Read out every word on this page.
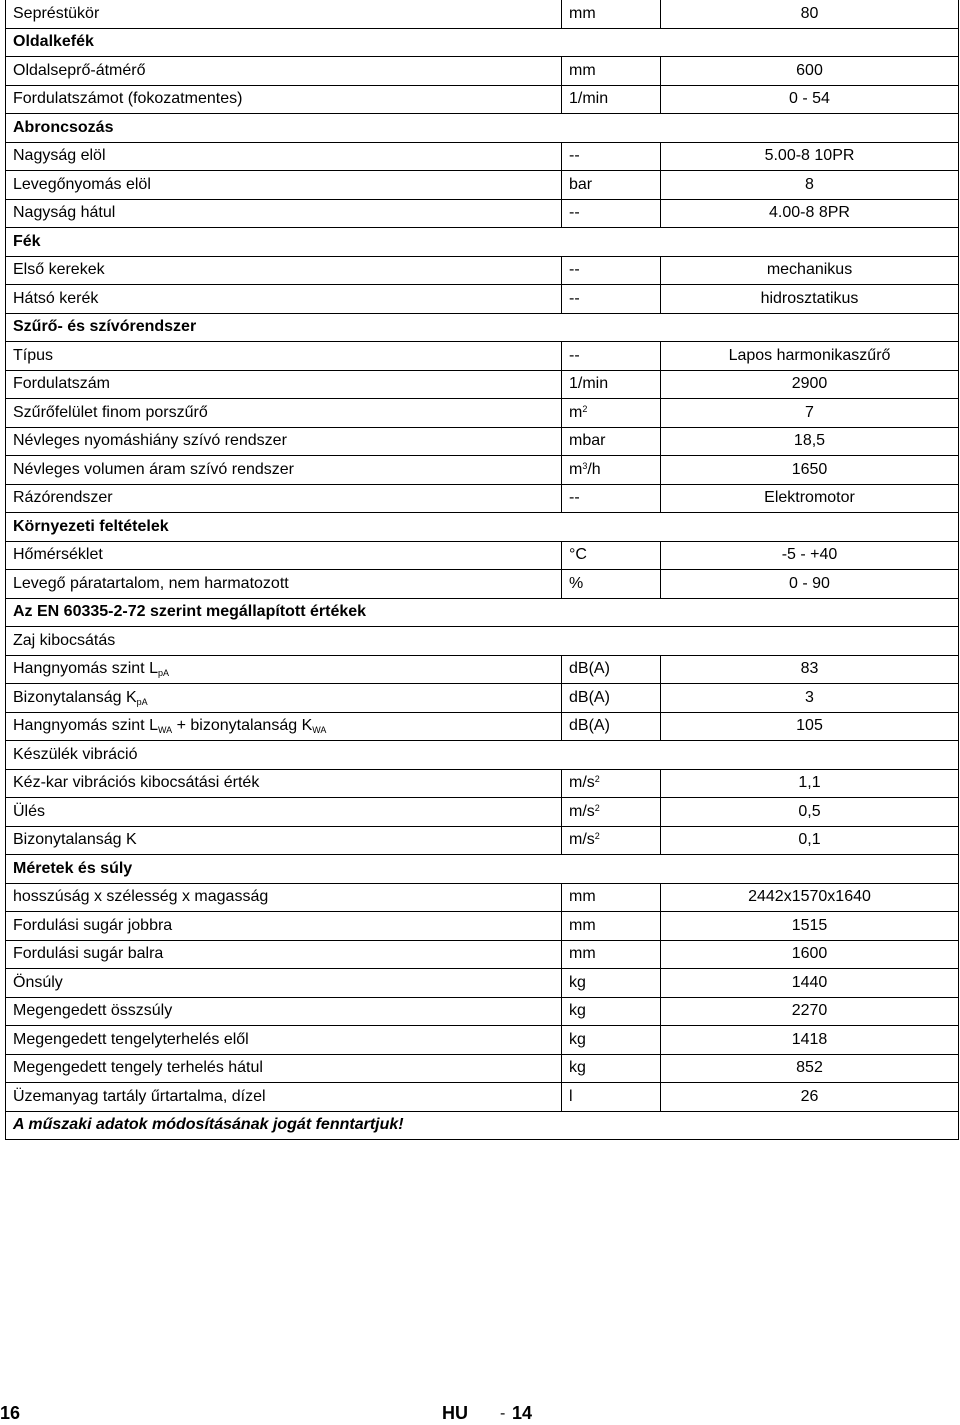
Sepréstükör	mm	80
Oldalkefék		
Oldalseprő-átmérő	mm	600
Fordulatszámot (fokozatmentes)	1/min	0 - 54
Abroncsozás		
Nagyság elöl	--	5.00-8 10PR
Levegőnyomás elöl	bar	8
Nagyság hátul	--	4.00-8 8PR
Fék		
Első kerekek	--	mechanikus
Hátsó kerék	--	hidrosztatikus
Szűrő- és szívórendszer		
Típus	--	Lapos harmonikaszűrő
Fordulatszám	1/min	2900
Szűrőfelület finom porszűrő	$m^2$	7
Névleges nyomáshiány szívó rendszer	mbar	18,5
Névleges volumen áram szívó rendszer	$m^3/h$	1650
Rázórendszer	--	Elektromotor
Környezeti feltételek		
Hőmérséklet	°C	-5 - +40
Levegő páratartalom, nem harmatozott	%	0 - 90
Az EN 60335-2-72 szerint megállapított értékek		
Zaj kibocsátás		
Hangnyomás szint $L_{pA}$	dB(A)	83
Bizonytalanság $K_{pA}$	dB(A)	3
Hangnyomás szint $L_{WA}$ + bizonytalanság $K_{WA}$	dB(A)	105
Készülék vibráció		
Kéz-kar vibrációs kibocsátási érték	$m/s^2$	1,1
Ülés	$m/s^2$	0,5
Bizonytalanság K	$m/s^2$	0,1
Méretek és súly		
hosszúság x szélesség x magasság	mm	2442x1570x1640
Fordulási sugár jobbra	mm	1515
Fordulási sugár balra	mm	1600
Önsúly	kg	1440
Megengedett összsúly	kg	2270
Megengedett tengelyterhelés elől	kg	1418
Megengedett tengely terhelés hátul	kg	852
Üzemanyag tartály űrtartalma, dízel	l	26
A műszaki adatok módosításának jogát fenntartjuk!		
16	HU - 14
